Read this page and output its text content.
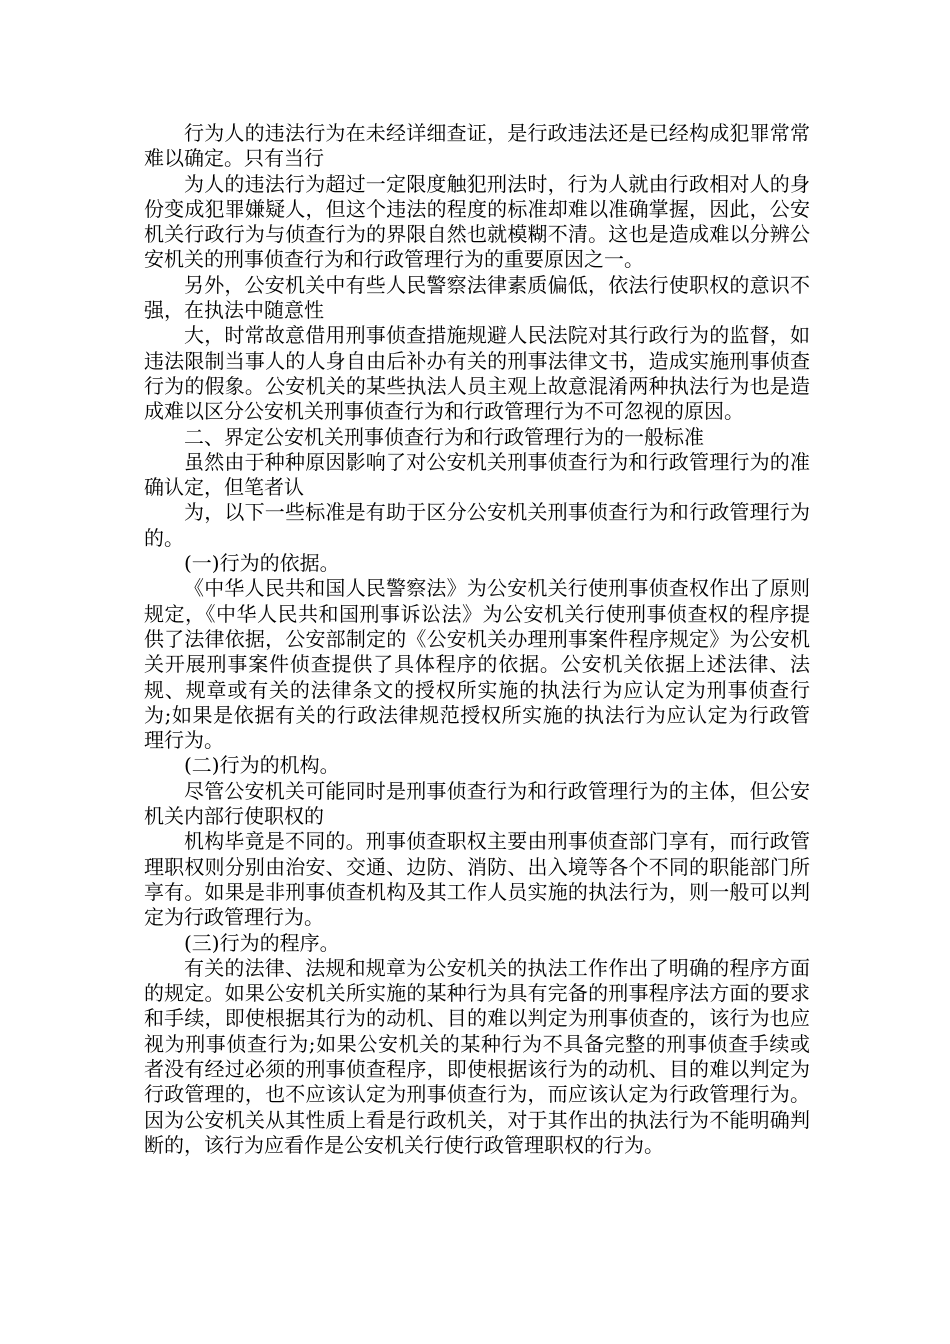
行为人的违法行为在未经详细查证，是行政违法还是已经构成犯罪常常难以确定。只有当行

为人的违法行为超过一定限度触犯刑法时，行为人就由行政相对人的身份变成犯罪嫌疑人，但这个违法的程度的标准却难以准确掌握，因此，公安机关行政行为与侦查行为的界限自然也就模糊不清。这也是造成难以分辨公安机关的刑事侦查行为和行政管理行为的重要原因之一。

另外，公安机关中有些人民警察法律素质偏低，依法行使职权的意识不强，在执法中随意性

大，时常故意借用刑事侦查措施规避人民法院对其行政行为的监督，如违法限制当事人的人身自由后补办有关的刑事法律文书，造成实施刑事侦查行为的假象。公安机关的某些执法人员主观上故意混淆两种执法行为也是造成难以区分公安机关刑事侦查行为和行政管理行为不可忽视的原因。

二、界定公安机关刑事侦查行为和行政管理行为的一般标准

虽然由于种种原因影响了对公安机关刑事侦查行为和行政管理行为的准确认定，但笔者认

为，以下一些标准是有助于区分公安机关刑事侦查行为和行政管理行为的。

(一)行为的依据。

《中华人民共和国人民警察法》为公安机关行使刑事侦查权作出了原则规定，《中华人民共和国刑事诉讼法》为公安机关行使刑事侦查权的程序提供了法律依据，公安部制定的《公安机关办理刑事案件程序规定》为公安机关开展刑事案件侦查提供了具体程序的依据。公安机关依据上述法律、法规、规章或有关的法律条文的授权所实施的执法行为应认定为刑事侦查行为;如果是依据有关的行政法律规范授权所实施的执法行为应认定为行政管理行为。

(二)行为的机构。

尽管公安机关可能同时是刑事侦查行为和行政管理行为的主体，但公安机关内部行使职权的

机构毕竟是不同的。刑事侦查职权主要由刑事侦查部门享有，而行政管理职权则分别由治安、交通、边防、消防、出入境等各个不同的职能部门所享有。如果是非刑事侦查机构及其工作人员实施的执法行为，则一般可以判定为行政管理行为。

(三)行为的程序。

有关的法律、法规和规章为公安机关的执法工作作出了明确的程序方面的规定。如果公安机关所实施的某种行为具有完备的刑事程序法方面的要求和手续，即使根据其行为的动机、目的难以判定为刑事侦查的，该行为也应视为刑事侦查行为;如果公安机关的某种行为不具备完整的刑事侦查手续或者没有经过必须的刑事侦查程序，即使根据该行为的动机、目的难以判定为行政管理的，也不应该认定为刑事侦查行为，而应该认定为行政管理行为。因为公安机关从其性质上看是行政机关，对于其作出的执法行为不能明确判断的，该行为应看作是公安机关行使行政管理职权的行为。
